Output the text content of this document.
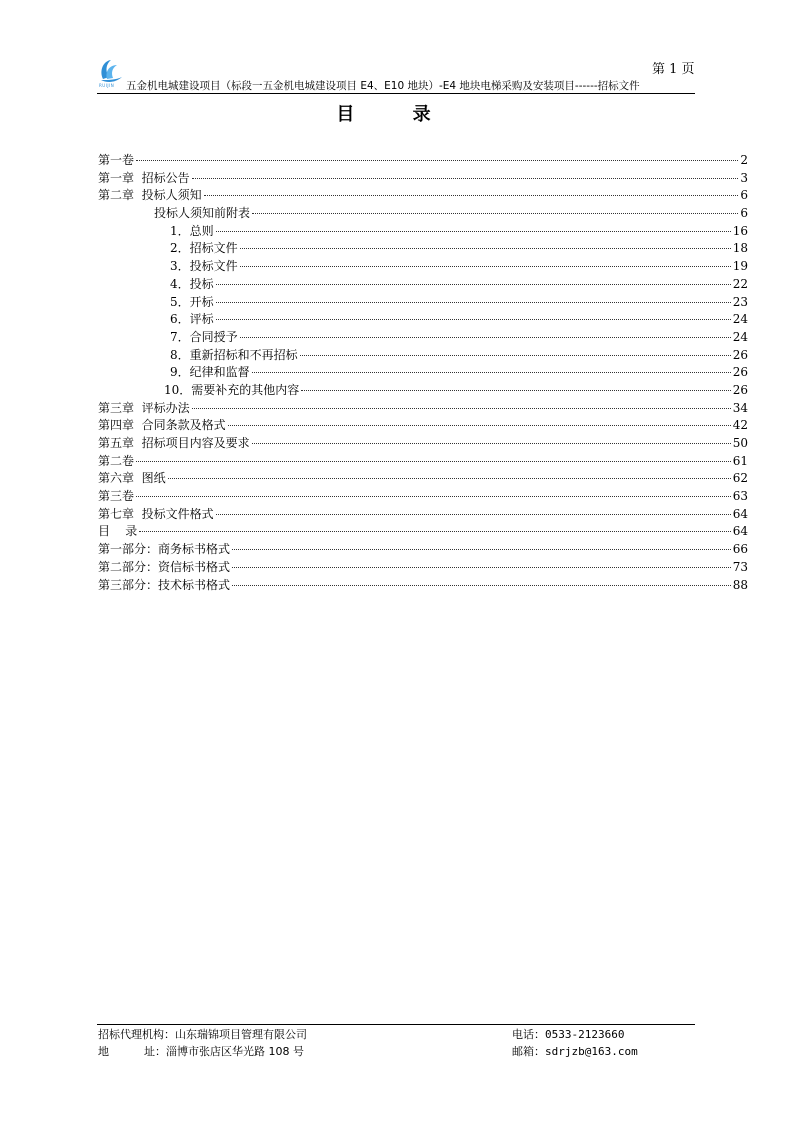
RUIJIN
第 1 页
五金机电城建设项目（标段一五金机电城建设项目 E4、E10 地块）-E4 地块电梯采购及安装项目------招标文件
目 录
第一卷	2
第一章  招标公告	3
第二章  投标人须知	6
投标人须知前附表	6
1．总则	16
2．招标文件	18
3．投标文件	19
4．投标	22
5．开标	23
6．评标	24
7．合同授予	24
8．重新招标和不再招标	26
9．纪律和监督	26
10．需要补充的其他内容	26
第三章  评标办法	34
第四章  合同条款及格式	42
第五章  招标项目内容及要求	50
第二卷	61
第六章  图纸	62
第三卷	63
第七章  投标文件格式	64
目    录	64
第一部分：商务标书格式	66
第二部分：资信标书格式	73
第三部分：技术标书格式	88
招标代理机构：山东瑞锦项目管理有限公司
地          址：淄博市张店区华光路 108 号
电话：0533-2123660
邮箱：sdrjzb@163.com
